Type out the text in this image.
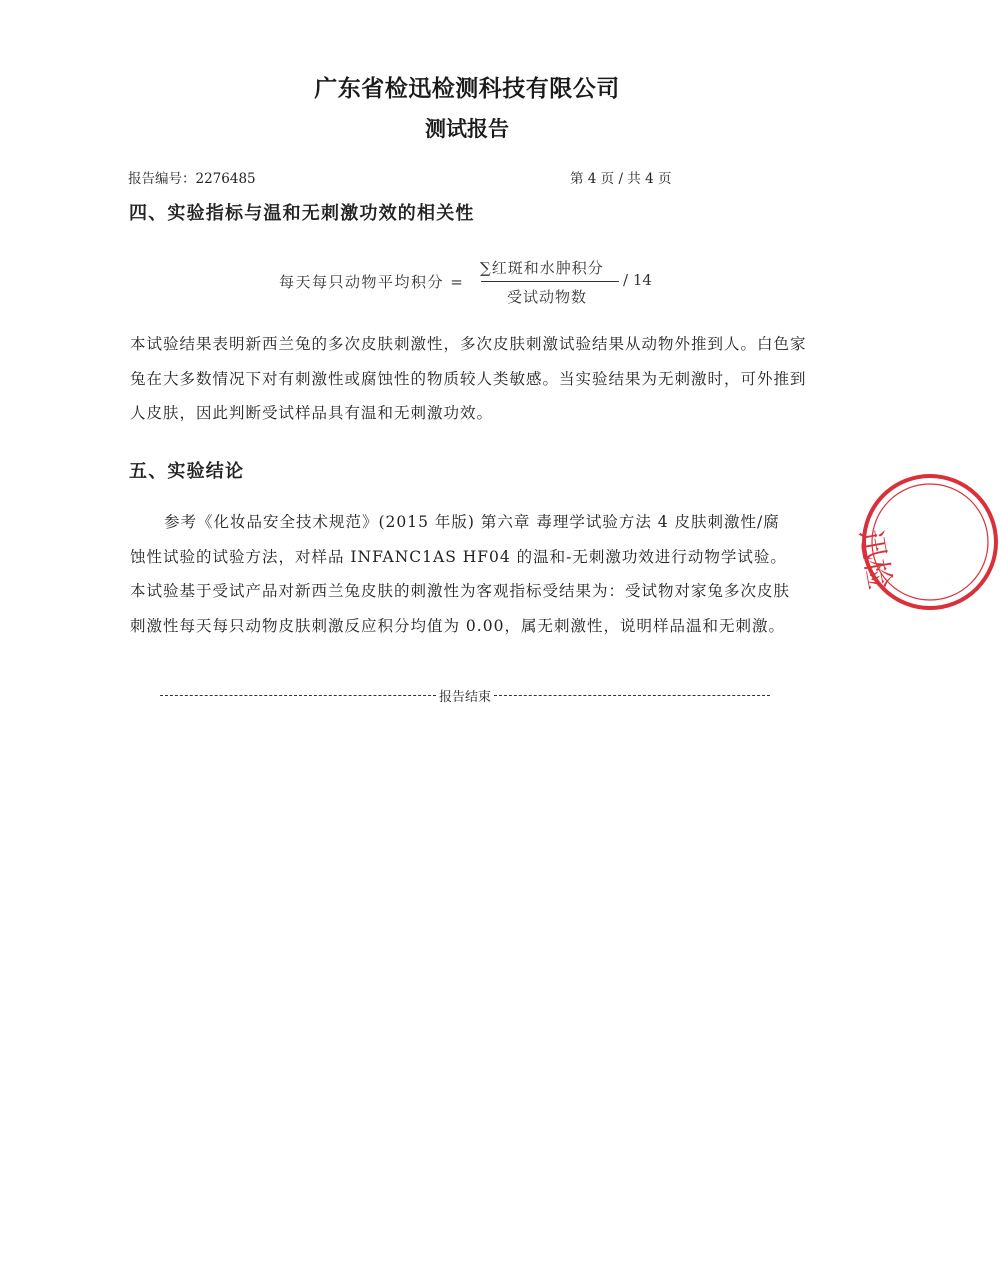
广东省检迅检测科技有限公司
测试报告
报告编号：2276485	第 4 页 / 共 4 页
四、实验指标与温和无刺激功效的相关性
每天每只动物平均积分 =
∑红斑和水肿积分
受试动物数
/ 14

本试验结果表明新西兰兔的多次皮肤刺激性，多次皮肤刺激试验结果从动物外推到人。白色家兔在大多数情况下对有刺激性或腐蚀性的物质较人类敏感。当实验结果为无刺激时，可外推到人皮肤，因此判断受试样品具有温和无刺激功效。

五、实验结论

参考《化妆品安全技术规范》(2015 年版) 第六章 毒理学试验方法 4 皮肤刺激性/腐蚀性试验的试验方法，对样品 INFANC1AS HF04 的温和-无刺激功效进行动物学试验。本试验基于受试产品对新西兰兔皮肤的刺激性为客观指标受结果为：受试物对家兔多次皮肤刺激性每天每只动物皮肤刺激反应积分均值为 0.00，属无刺激性，说明样品温和无刺激。

报告结束
迅检
